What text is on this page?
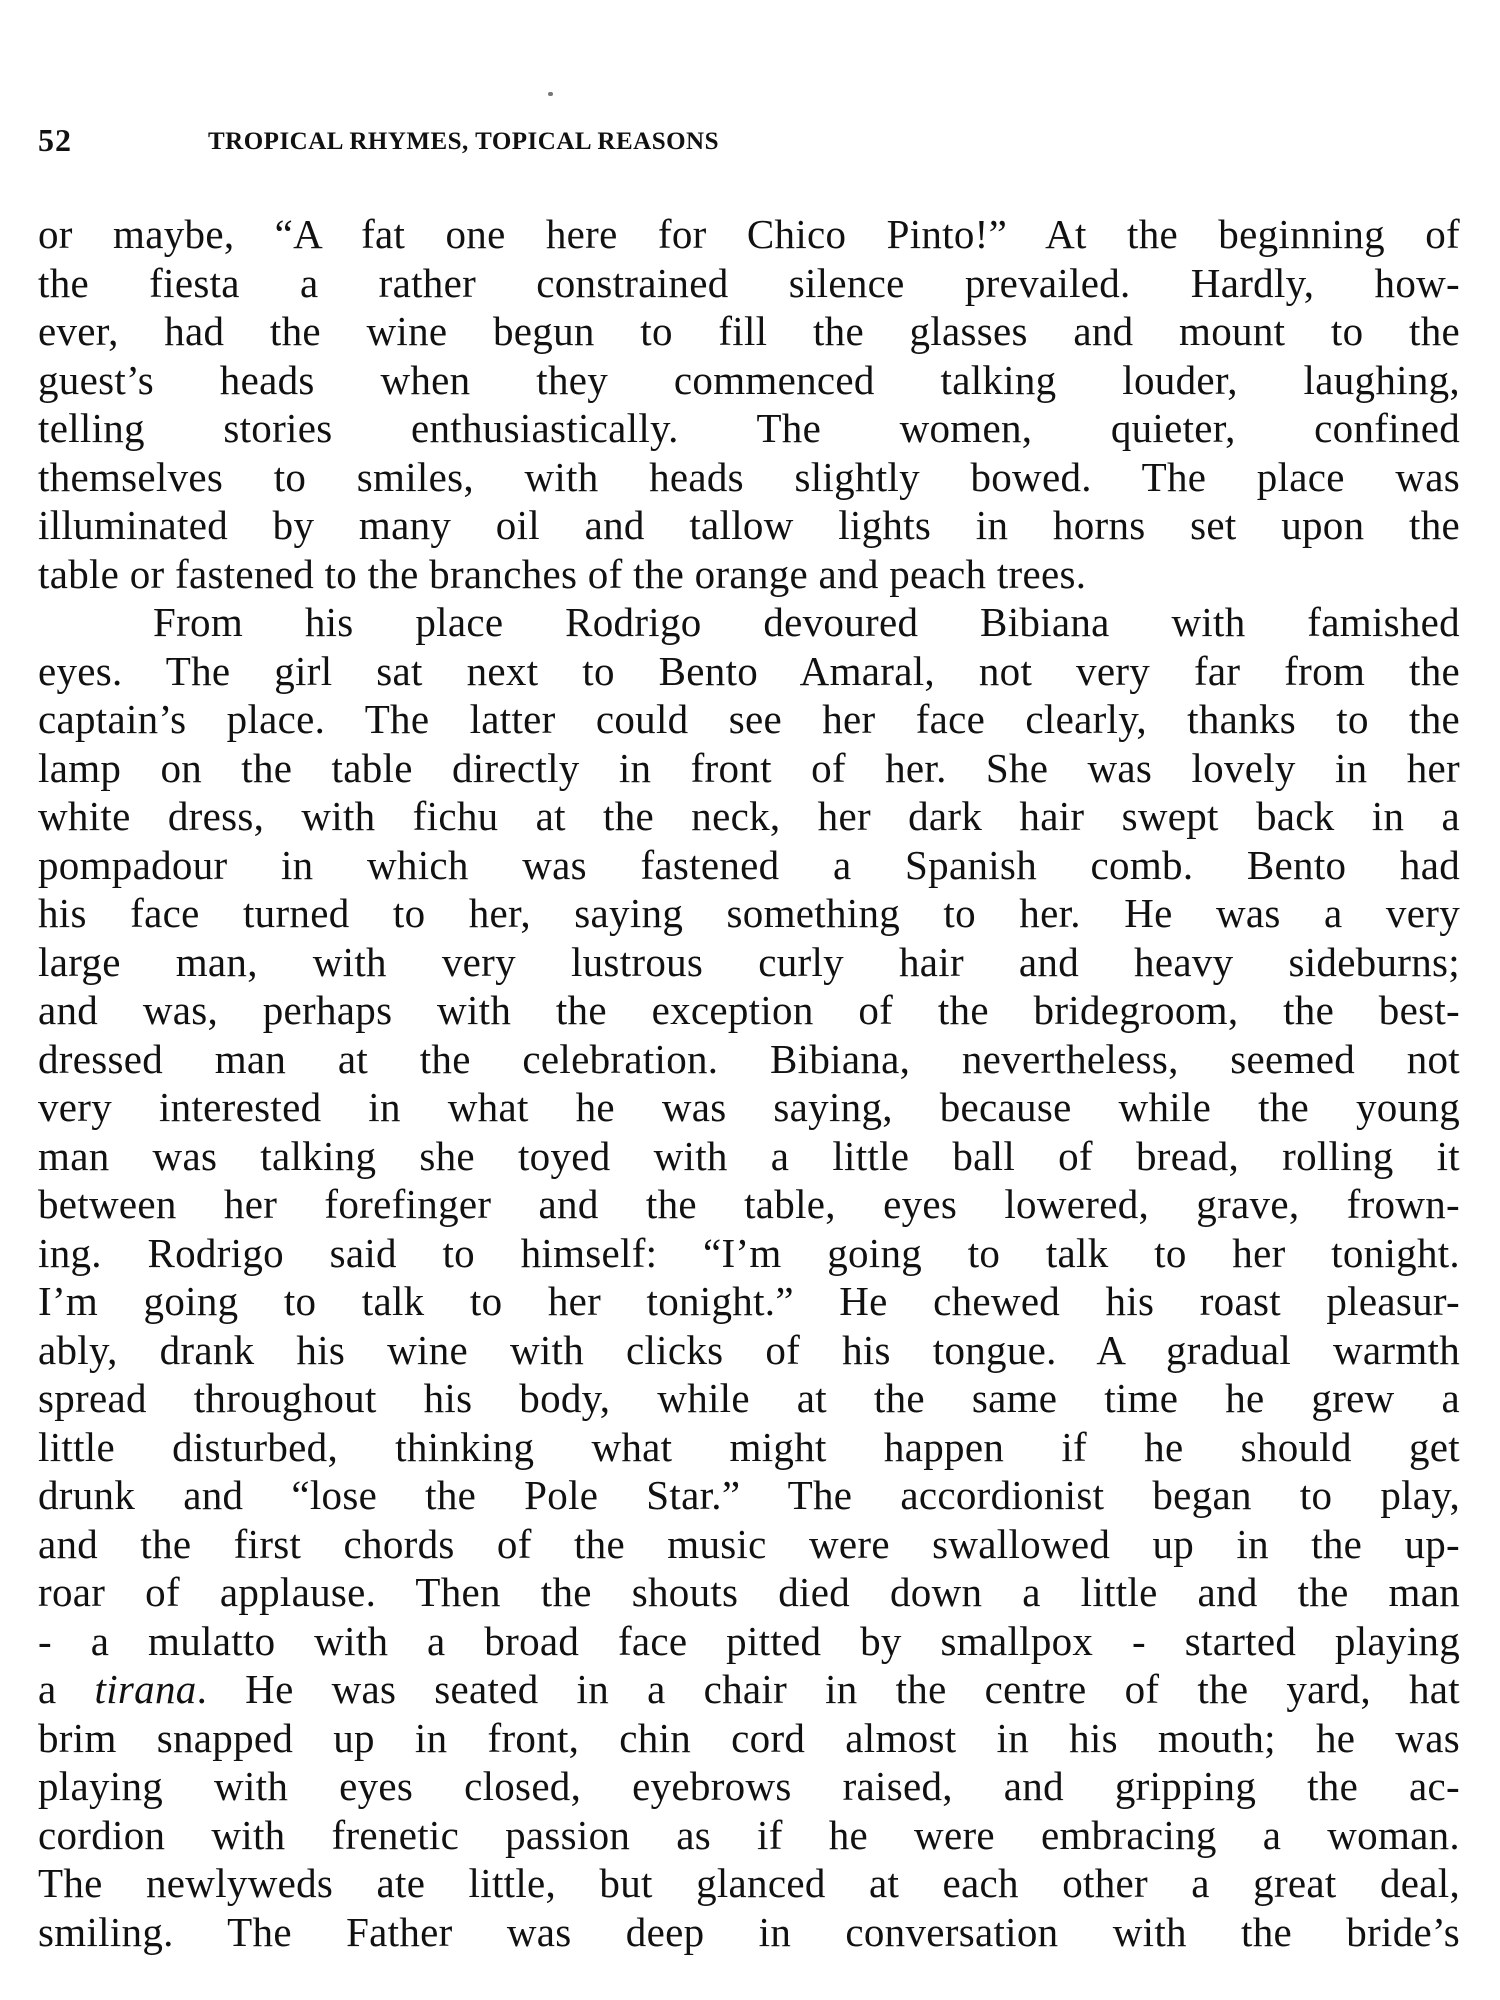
52	TROPICAL RHYMES, TOPICAL REASONS
or maybe, “A fat one here for Chico Pinto!” At the beginning of
the fiesta a rather constrained silence prevailed. Hardly, how-
ever, had the wine begun to fill the glasses and mount to the
guest’s heads when they commenced talking louder, laughing,
telling stories enthusiastically. The women, quieter, confined
themselves to smiles, with heads slightly bowed. The place was
illuminated by many oil and tallow lights in horns set upon the
table or fastened to the branches of the orange and peach trees.
From his place Rodrigo devoured Bibiana with famished
eyes. The girl sat next to Bento Amaral, not very far from the
captain’s place. The latter could see her face clearly, thanks to the
lamp on the table directly in front of her. She was lovely in her
white dress, with fichu at the neck, her dark hair swept back in a
pompadour in which was fastened a Spanish comb. Bento had
his face turned to her, saying something to her. He was a very
large man, with very lustrous curly hair and heavy sideburns;
and was, perhaps with the exception of the bridegroom, the best-
dressed man at the celebration. Bibiana, nevertheless, seemed not
very interested in what he was saying, because while the young
man was talking she toyed with a little ball of bread, rolling it
between her forefinger and the table, eyes lowered, grave, frown-
ing. Rodrigo said to himself: “I’m going to talk to her tonight.
I’m going to talk to her tonight.” He chewed his roast pleasur-
ably, drank his wine with clicks of his tongue. A gradual warmth
spread throughout his body, while at the same time he grew a
little disturbed, thinking what might happen if he should get
drunk and “lose the Pole Star.” The accordionist began to play,
and the first chords of the music were swallowed up in the up-
roar of applause. Then the shouts died down a little and the man
- a mulatto with a broad face pitted by smallpox - started playing
a tirana. He was seated in a chair in the centre of the yard, hat
brim snapped up in front, chin cord almost in his mouth; he was
playing with eyes closed, eyebrows raised, and gripping the ac-
cordion with frenetic passion as if he were embracing a woman.
The newlyweds ate little, but glanced at each other a great deal,
smiling. The Father was deep in conversation with the bride’s
